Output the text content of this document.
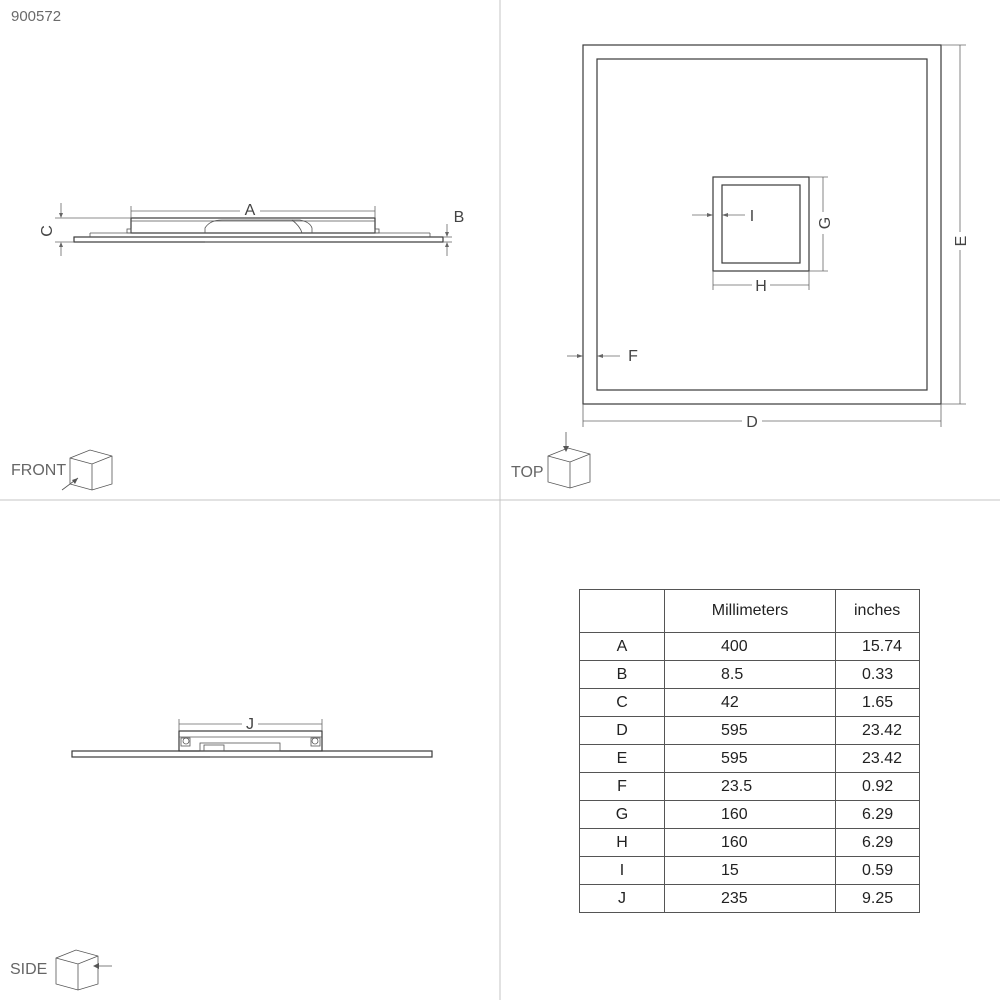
900572
A
C
B
FRONT
I	G
H
E
D
F
TOP
J
SIDE
	Millimeters	inches
A	400	15.74
B	8.5	0.33
C	42	1.65
D	595	23.42
E	595	23.42
F	23.5	0.92
G	160	6.29
H	160	6.29
I	15	0.59
J	235	9.25
